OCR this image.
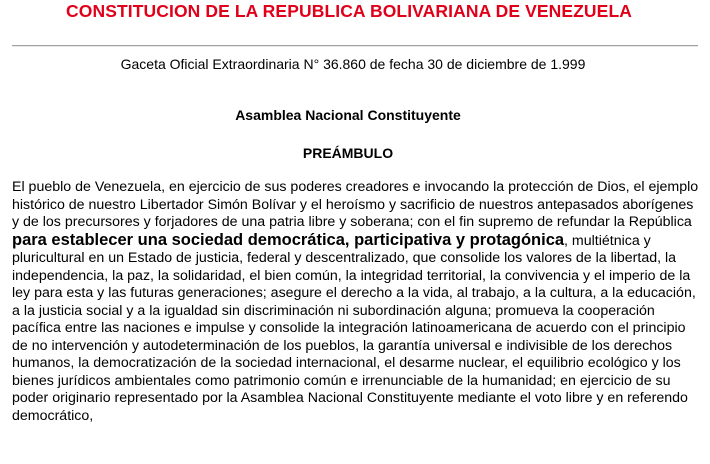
CONSTITUCION DE LA REPUBLICA BOLIVARIANA DE VENEZUELA
Gaceta Oficial Extraordinaria N° 36.860 de fecha 30 de diciembre de 1.999
Asamblea Nacional Constituyente
PREÁMBULO

El pueblo de Venezuela, en ejercicio de sus poderes creadores e invocando la protección de Dios, el ejemplo histórico de nuestro Libertador Simón Bolívar y el heroísmo y sacrificio de nuestros antepasados aborígenes y de los precursores y forjadores de una patria libre y soberana; con el fin supremo de refundar la República para establecer una sociedad democrática, participativa y protagónica, multiétnica y pluricultural en un Estado de justicia, federal y descentralizado, que consolide los valores de la libertad, la independencia, la paz, la solidaridad, el bien común, la integridad territorial, la convivencia y el imperio de la ley para esta y las futuras generaciones; asegure el derecho a la vida, al trabajo, a la cultura, a la educación, a la justicia social y a la igualdad sin discriminación ni subordinación alguna; promueva la cooperación pacífica entre las naciones e impulse y consolide la integración latinoamericana de acuerdo con el principio de no intervención y autodeterminación de los pueblos, la garantía universal e indivisible de los derechos humanos, la democratización de la sociedad internacional, el desarme nuclear, el equilibrio ecológico y los bienes jurídicos ambientales como patrimonio común e irrenunciable de la humanidad; en ejercicio de su poder originario representado por la Asamblea Nacional Constituyente mediante el voto libre y en referendo democrático,
